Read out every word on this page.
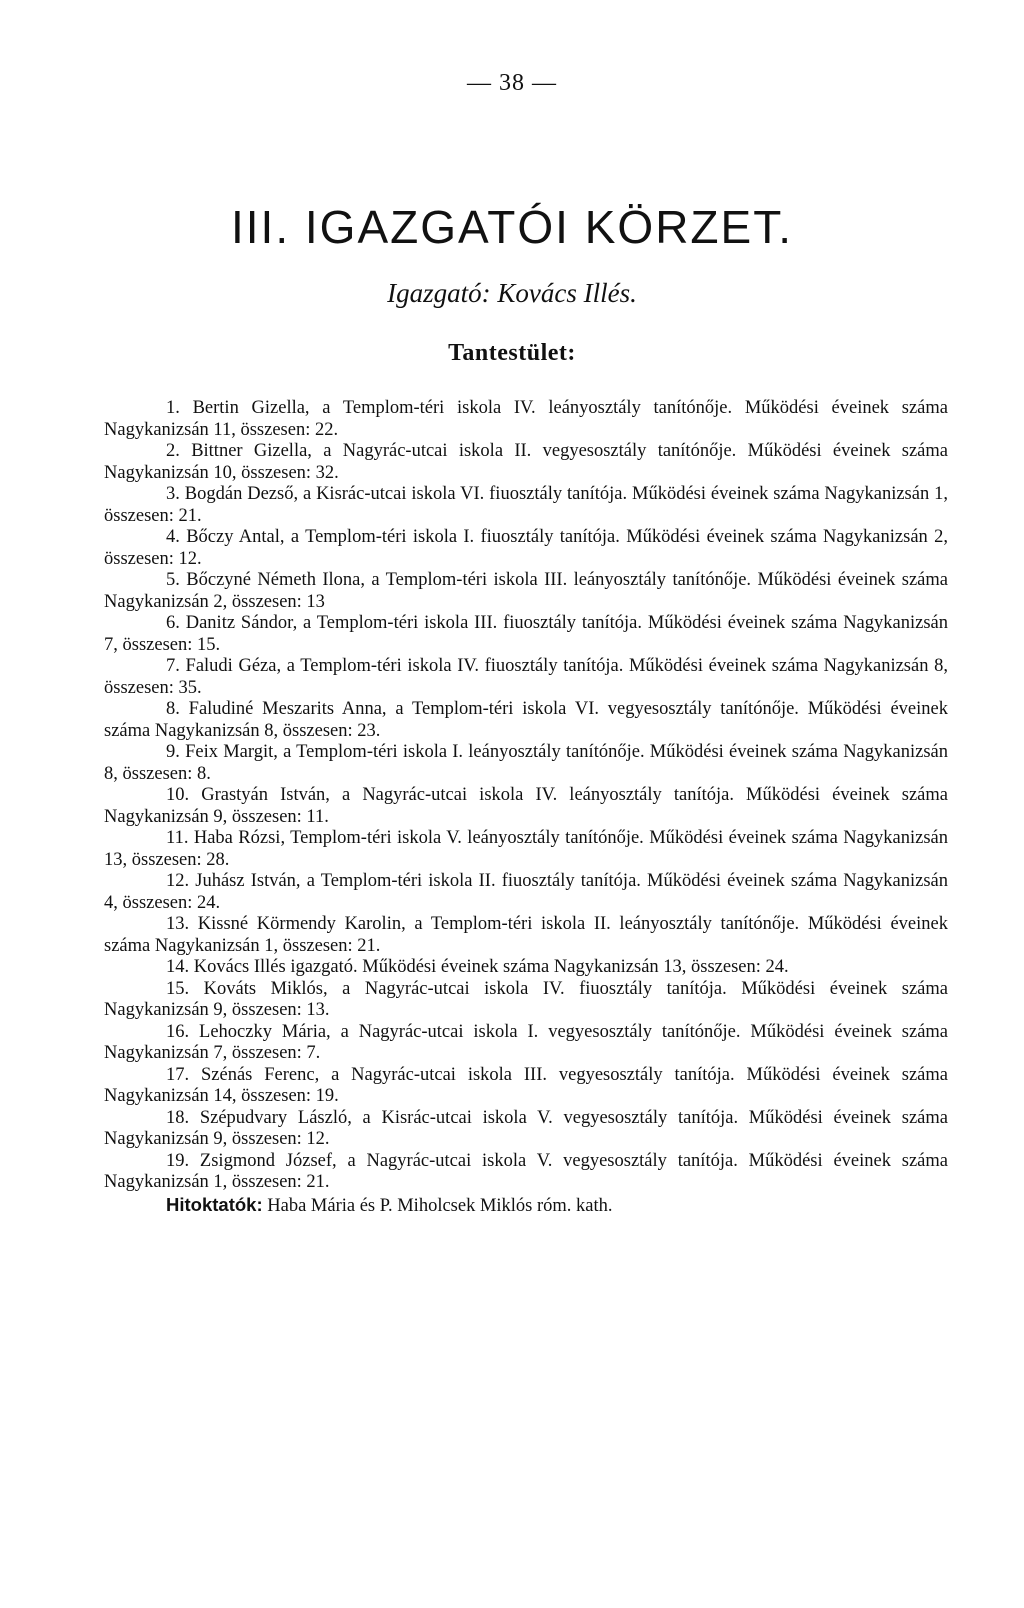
— 38 —
III. IGAZGATÓI KÖRZET.
Igazgató: Kovács Illés.
Tantestület:
1. Bertin Gizella, a Templom-téri iskola IV. leányosztály tanítónője. Működési éveinek száma Nagykanizsán 11, összesen: 22.
2. Bittner Gizella, a Nagyrác-utcai iskola II. vegyesosztály tanítónője. Működési éveinek száma Nagykanizsán 10, összesen: 32.
3. Bogdán Dezső, a Kisrác-utcai iskola VI. fiuosztály tanítója. Működési éveinek száma Nagykanizsán 1, összesen: 21.
4. Bőczy Antal, a Templom-téri iskola I. fiuosztály tanítója. Működési éveinek száma Nagykanizsán 2, összesen: 12.
5. Bőczyné Németh Ilona, a Templom-téri iskola III. leányosztály tanítónője. Működési éveinek száma Nagykanizsán 2, összesen: 13
6. Danitz Sándor, a Templom-téri iskola III. fiuosztály tanítója. Működési éveinek száma Nagykanizsán 7, összesen: 15.
7. Faludi Géza, a Templom-téri iskola IV. fiuosztály tanítója. Működési éveinek száma Nagykanizsán 8, összesen: 35.
8. Faludiné Meszarits Anna, a Templom-téri iskola VI. vegyesosztály tanítónője. Működési éveinek száma Nagykanizsán 8, összesen: 23.
9. Feix Margit, a Templom-téri iskola I. leányosztály tanítónője. Működési éveinek száma Nagykanizsán 8, összesen: 8.
10. Grastyán István, a Nagyrác-utcai iskola IV. leányosztály tanítója. Működési éveinek száma Nagykanizsán 9, összesen: 11.
11. Haba Rózsi, Templom-téri iskola V. leányosztály tanítónője. Működési éveinek száma Nagykanizsán 13, összesen: 28.
12. Juhász István, a Templom-téri iskola II. fiuosztály tanítója. Működési éveinek száma Nagykanizsán 4, összesen: 24.
13. Kissné Körmendy Karolin, a Templom-téri iskola II. leányosztály tanítónője. Működési éveinek száma Nagykanizsán 1, összesen: 21.
14. Kovács Illés igazgató. Működési éveinek száma Nagykanizsán 13, összesen: 24.
15. Kováts Miklós, a Nagyrác-utcai iskola IV. fiuosztály tanítója. Működési éveinek száma Nagykanizsán 9, összesen: 13.
16. Lehoczky Mária, a Nagyrác-utcai iskola I. vegyesosztály tanítónője. Működési éveinek száma Nagykanizsán 7, összesen: 7.
17. Szénás Ferenc, a Nagyrác-utcai iskola III. vegyesosztály tanítója. Működési éveinek száma Nagykanizsán 14, összesen: 19.
18. Szépudvary László, a Kisrác-utcai iskola V. vegyesosztály tanítója. Működési éveinek száma Nagykanizsán 9, összesen: 12.
19. Zsigmond József, a Nagyrác-utcai iskola V. vegyesosztály tanítója. Működési éveinek száma Nagykanizsán 1, összesen: 21.
Hitoktatók: Haba Mária és P. Miholcsek Miklós róm. kath.
